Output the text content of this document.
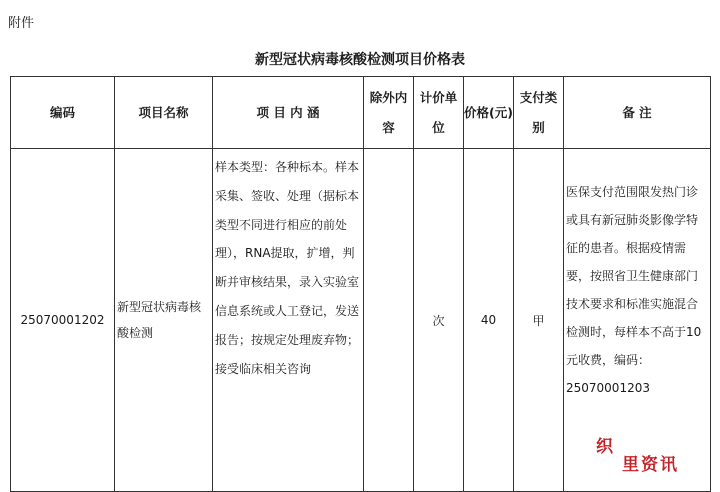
附件
新型冠状病毒核酸检测项目价格表
编码	项目名称	项 目 内 涵	除外内容	计价单位	价格(元)	支付类别	备 注
25070001202	新型冠状病毒核酸检测	样本类型：各种标本。样本采集、签收、处理（据标本类型不同进行相应的前处理），RNA提取，扩增，判断并审核结果，录入实验室信息系统或人工登记，发送报告；按规定处理废弃物；接受临床相关咨询		次	40	甲	医保支付范围限发热门诊或具有新冠肺炎影像学特征的患者。根据疫情需要，按照省卫生健康部门技术要求和标准实施混合检测时，每样本不高于10元收费，编码：25070001203
织
里资讯
